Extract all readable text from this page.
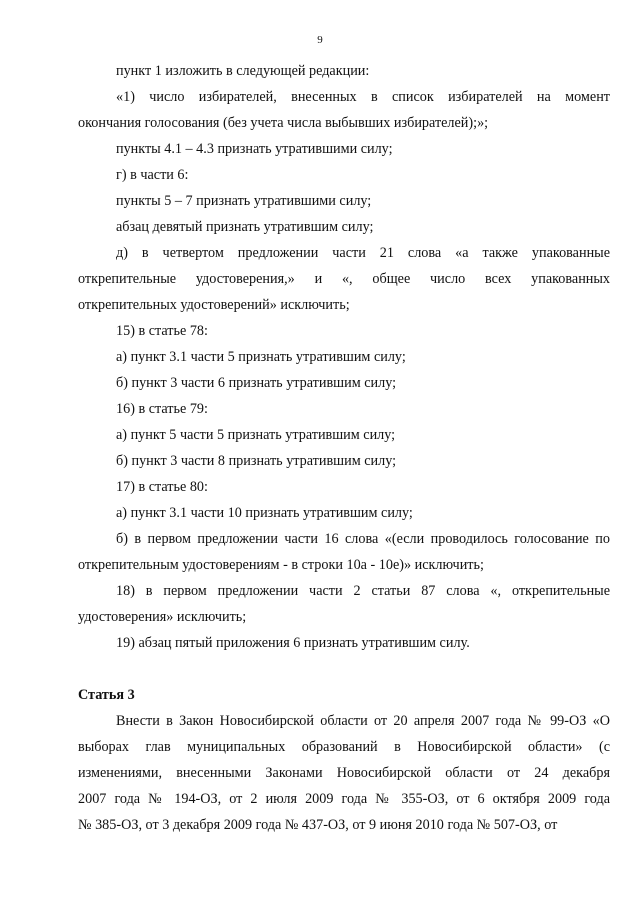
9
пункт 1 изложить в следующей редакции:
«1) число избирателей, внесенных в список избирателей на момент
окончания голосования (без учета числа выбывших избирателей);»;
пункты 4.1 – 4.3 признать утратившими силу;
г) в части 6:
пункты 5 – 7 признать утратившими силу;
абзац девятый признать утратившим силу;
д) в четвертом предложении части 21 слова «а также упакованные
открепительные удостоверения,» и «, общее число всех упакованных
открепительных удостоверений» исключить;
15) в статье 78:
а) пункт 3.1 части 5 признать утратившим силу;
б) пункт 3 части 6 признать утратившим силу;
16) в статье 79:
а) пункт 5 части 5 признать утратившим силу;
б) пункт 3 части 8 признать утратившим силу;
17) в статье 80:
а) пункт 3.1 части 10 признать утратившим силу;
б) в первом предложении части 16 слова «(если проводилось голосование по
открепительным удостоверениям - в строки 10а - 10е)» исключить;
18) в первом предложении части 2 статьи 87 слова «, открепительные
удостоверения» исключить;
19) абзац пятый приложения 6 признать утратившим силу.
Статья 3
Внести в Закон Новосибирской области от 20 апреля 2007 года № 99-ОЗ «О
выборах глав муниципальных образований в Новосибирской области» (с
изменениями, внесенными Законами Новосибирской области от 24 декабря
2007 года № 194-ОЗ, от 2 июля 2009 года № 355-ОЗ, от 6 октября 2009 года
№ 385-ОЗ, от 3 декабря 2009 года № 437-ОЗ, от 9 июня 2010 года № 507-ОЗ, от
